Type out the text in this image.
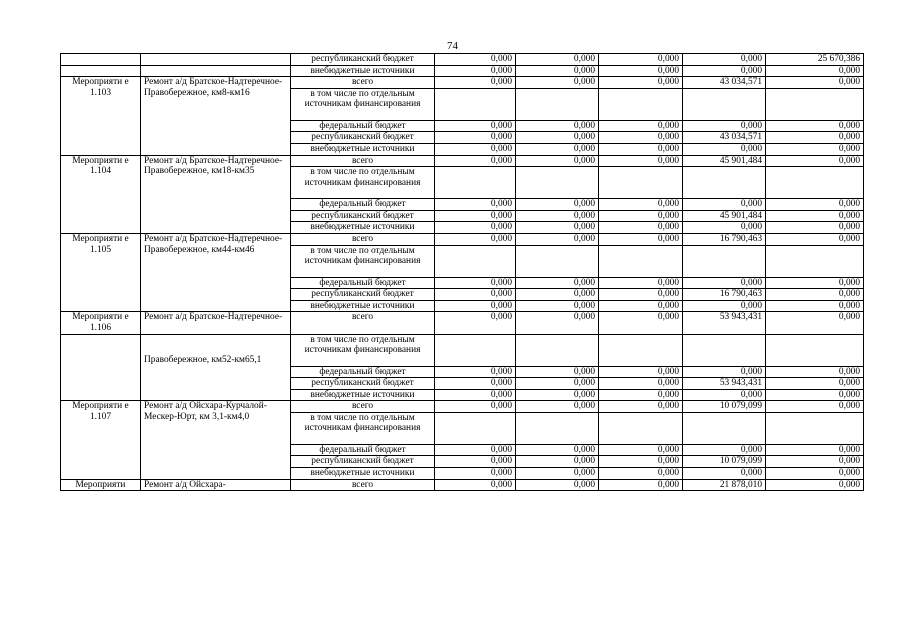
74
		республиканский бюджет	0,000	0,000	0,000	0,000	25 670,386
		внебюджетные источники	0,000	0,000	0,000	0,000	0,000
Мероприяти е 1.103	Ремонт а/д Братское-Надтеречное-Правобережное, км8-км16	всего	0,000	0,000	0,000	43 034,571	0,000
		в том числе по отдельным источникам финансирования					
		федеральный бюджет	0,000	0,000	0,000	0,000	0,000
		республиканский бюджет	0,000	0,000	0,000	43 034,571	0,000
		внебюджетные источники	0,000	0,000	0,000	0,000	0,000
Мероприяти е 1.104	Ремонт а/д Братское-Надтеречное-Правобережное, км18-км35	всего	0,000	0,000	0,000	45 901,484	0,000
		в том числе по отдельным источникам финансирования					
		федеральный бюджет	0,000	0,000	0,000	0,000	0,000
		республиканский бюджет	0,000	0,000	0,000	45 901,484	0,000
		внебюджетные источники	0,000	0,000	0,000	0,000	0,000
Мероприяти е 1.105	Ремонт а/д Братское-Надтеречное-Правобережное, км44-км46	всего	0,000	0,000	0,000	16 790,463	0,000
		в том числе по отдельным источникам финансирования					
		федеральный бюджет	0,000	0,000	0,000	0,000	0,000
		республиканский бюджет	0,000	0,000	0,000	16 790,463	0,000
		внебюджетные источники	0,000	0,000	0,000	0,000	0,000
Мероприяти е 1.106	Ремонт а/д Братское-Надтеречное-	всего	0,000	0,000	0,000	53 943,431	0,000
	Правобережное, км52-км65,1	в том числе по отдельным источникам финансирования					
		федеральный бюджет	0,000	0,000	0,000	0,000	0,000
		республиканский бюджет	0,000	0,000	0,000	53 943,431	0,000
		внебюджетные источники	0,000	0,000	0,000	0,000	0,000
Мероприяти е 1.107	Ремонт а/д Ойсхара-Курчалой-Мескер-Юрт, км 3,1-км4,0	всего	0,000	0,000	0,000	10 079,099	0,000
		в том числе по отдельным источникам финансирования					
		федеральный бюджет	0,000	0,000	0,000	0,000	0,000
		республиканский бюджет	0,000	0,000	0,000	10 079,099	0,000
		внебюджетные источники	0,000	0,000	0,000	0,000	0,000
Мероприяти	Ремонт а/д Ойсхара-	всего	0,000	0,000	0,000	21 878,010	0,000
